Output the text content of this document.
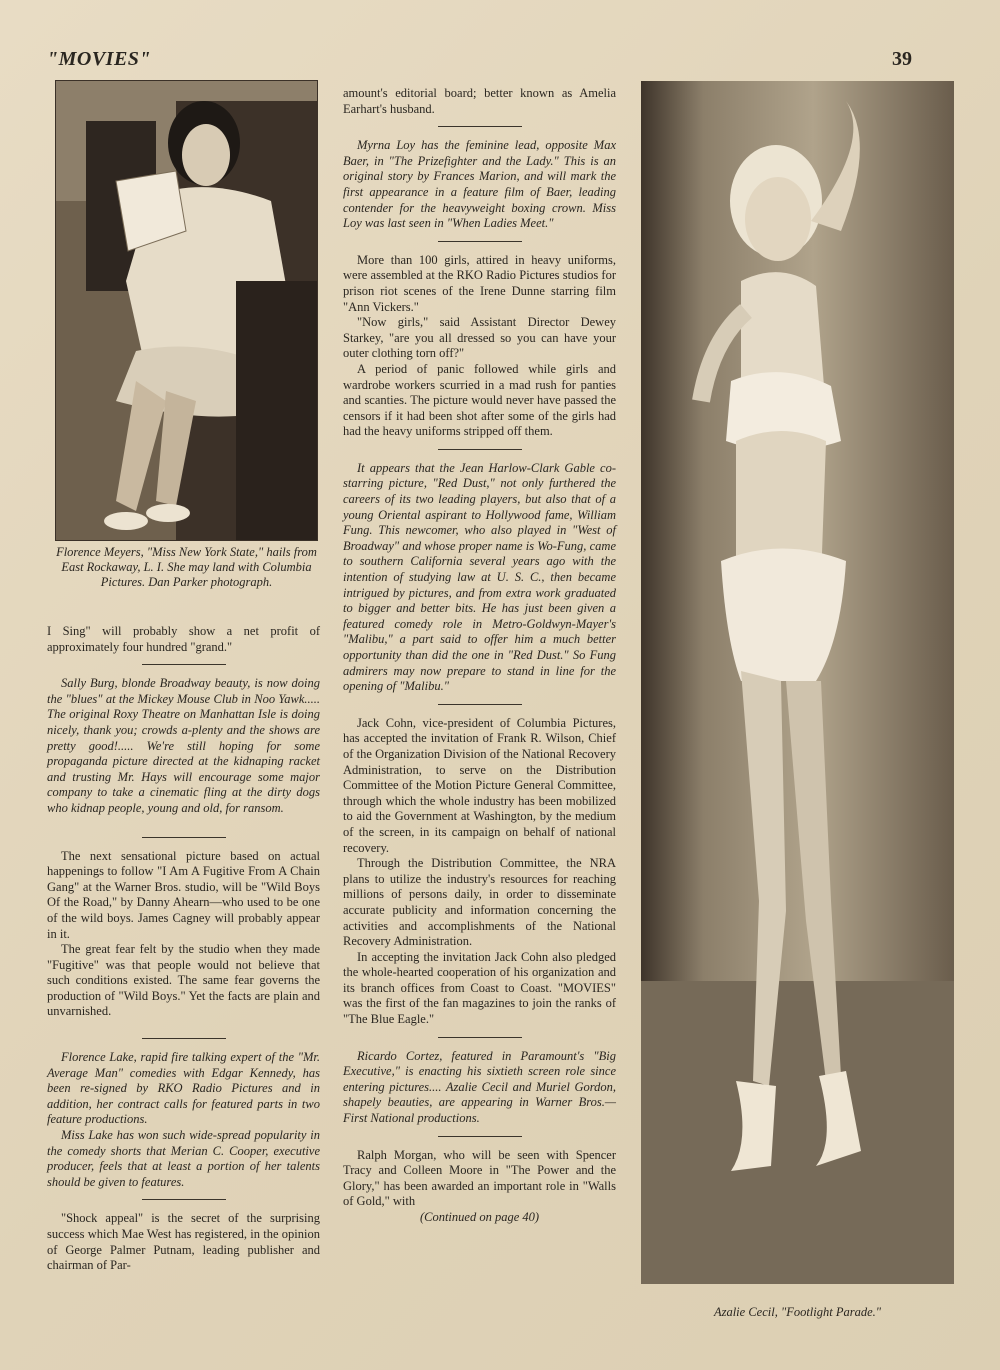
"MOVIES"	39
Florence Meyers, "Miss New York State," hails from East Rockaway, L. I. She may land with Columbia Pictures. Dan Parker photograph.

I Sing" will probably show a net profit of approximately four hundred "grand."

Sally Burg, blonde Broadway beauty, is now doing the "blues" at the Mickey Mouse Club in Noo Yawk..... The original Roxy Theatre on Manhattan Isle is doing nicely, thank you; crowds a-plenty and the shows are pretty good!..... We're still hoping for some propaganda picture directed at the kidnaping racket and trusting Mr. Hays will encourage some major company to take a cinematic fling at the dirty dogs who kidnap people, young and old, for ransom.

The next sensational picture based on actual happenings to follow "I Am A Fugitive From A Chain Gang" at the Warner Bros. studio, will be "Wild Boys Of the Road," by Danny Ahearn—who used to be one of the wild boys. James Cagney will probably appear in it.

The great fear felt by the studio when they made "Fugitive" was that people would not believe that such conditions existed. The same fear governs the production of "Wild Boys." Yet the facts are plain and unvarnished.

Florence Lake, rapid fire talking expert of the "Mr. Average Man" comedies with Edgar Kennedy, has been re-signed by RKO Radio Pictures and in addition, her contract calls for featured parts in two feature productions.

Miss Lake has won such wide-spread popularity in the comedy shorts that Merian C. Cooper, executive producer, feels that at least a portion of her talents should be given to features.

"Shock appeal" is the secret of the surprising success which Mae West has registered, in the opinion of George Palmer Putnam, leading publisher and chairman of Par-

amount's editorial board; better known as Amelia Earhart's husband.

Myrna Loy has the feminine lead, opposite Max Baer, in "The Prizefighter and the Lady." This is an original story by Frances Marion, and will mark the first appearance in a feature film of Baer, leading contender for the heavyweight boxing crown. Miss Loy was last seen in "When Ladies Meet."

More than 100 girls, attired in heavy uniforms, were assembled at the RKO Radio Pictures studios for prison riot scenes of the Irene Dunne starring film "Ann Vickers."

"Now girls," said Assistant Director Dewey Starkey, "are you all dressed so you can have your outer clothing torn off?"

A period of panic followed while girls and wardrobe workers scurried in a mad rush for panties and scanties. The picture would never have passed the censors if it had been shot after some of the girls had had the heavy uniforms stripped off them.

It appears that the Jean Harlow-Clark Gable co-starring picture, "Red Dust," not only furthered the careers of its two leading players, but also that of a young Oriental aspirant to Hollywood fame, William Fung. This newcomer, who also played in "West of Broadway" and whose proper name is Wo-Fung, came to southern California several years ago with the intention of studying law at U. S. C., then became intrigued by pictures, and from extra work graduated to bigger and better bits. He has just been given a featured comedy role in Metro-Goldwyn-Mayer's "Malibu," a part said to offer him a much better opportunity than did the one in "Red Dust." So Fung admirers may now prepare to stand in line for the opening of "Malibu."

Jack Cohn, vice-president of Columbia Pictures, has accepted the invitation of Frank R. Wilson, Chief of the Organization Division of the National Recovery Administration, to serve on the Distribution Committee of the Motion Picture General Committee, through which the whole industry has been mobilized to aid the Government at Washington, by the medium of the screen, in its campaign on behalf of national recovery.

Through the Distribution Committee, the NRA plans to utilize the industry's resources for reaching millions of persons daily, in order to disseminate accurate publicity and information concerning the activities and accomplishments of the National Recovery Administration.

In accepting the invitation Jack Cohn also pledged the whole-hearted cooperation of his organization and its branch offices from Coast to Coast. "MOVIES" was the first of the fan magazines to join the ranks of "The Blue Eagle."

Ricardo Cortez, featured in Paramount's "Big Executive," is enacting his sixtieth screen role since entering pictures.... Azalie Cecil and Muriel Gordon, shapely beauties, are appearing in Warner Bros.—First National productions.

Ralph Morgan, who will be seen with Spencer Tracy and Colleen Moore in "The Power and the Glory," has been awarded an important role in "Walls of Gold," with

(Continued on page 40)

Azalie Cecil, "Footlight Parade."
